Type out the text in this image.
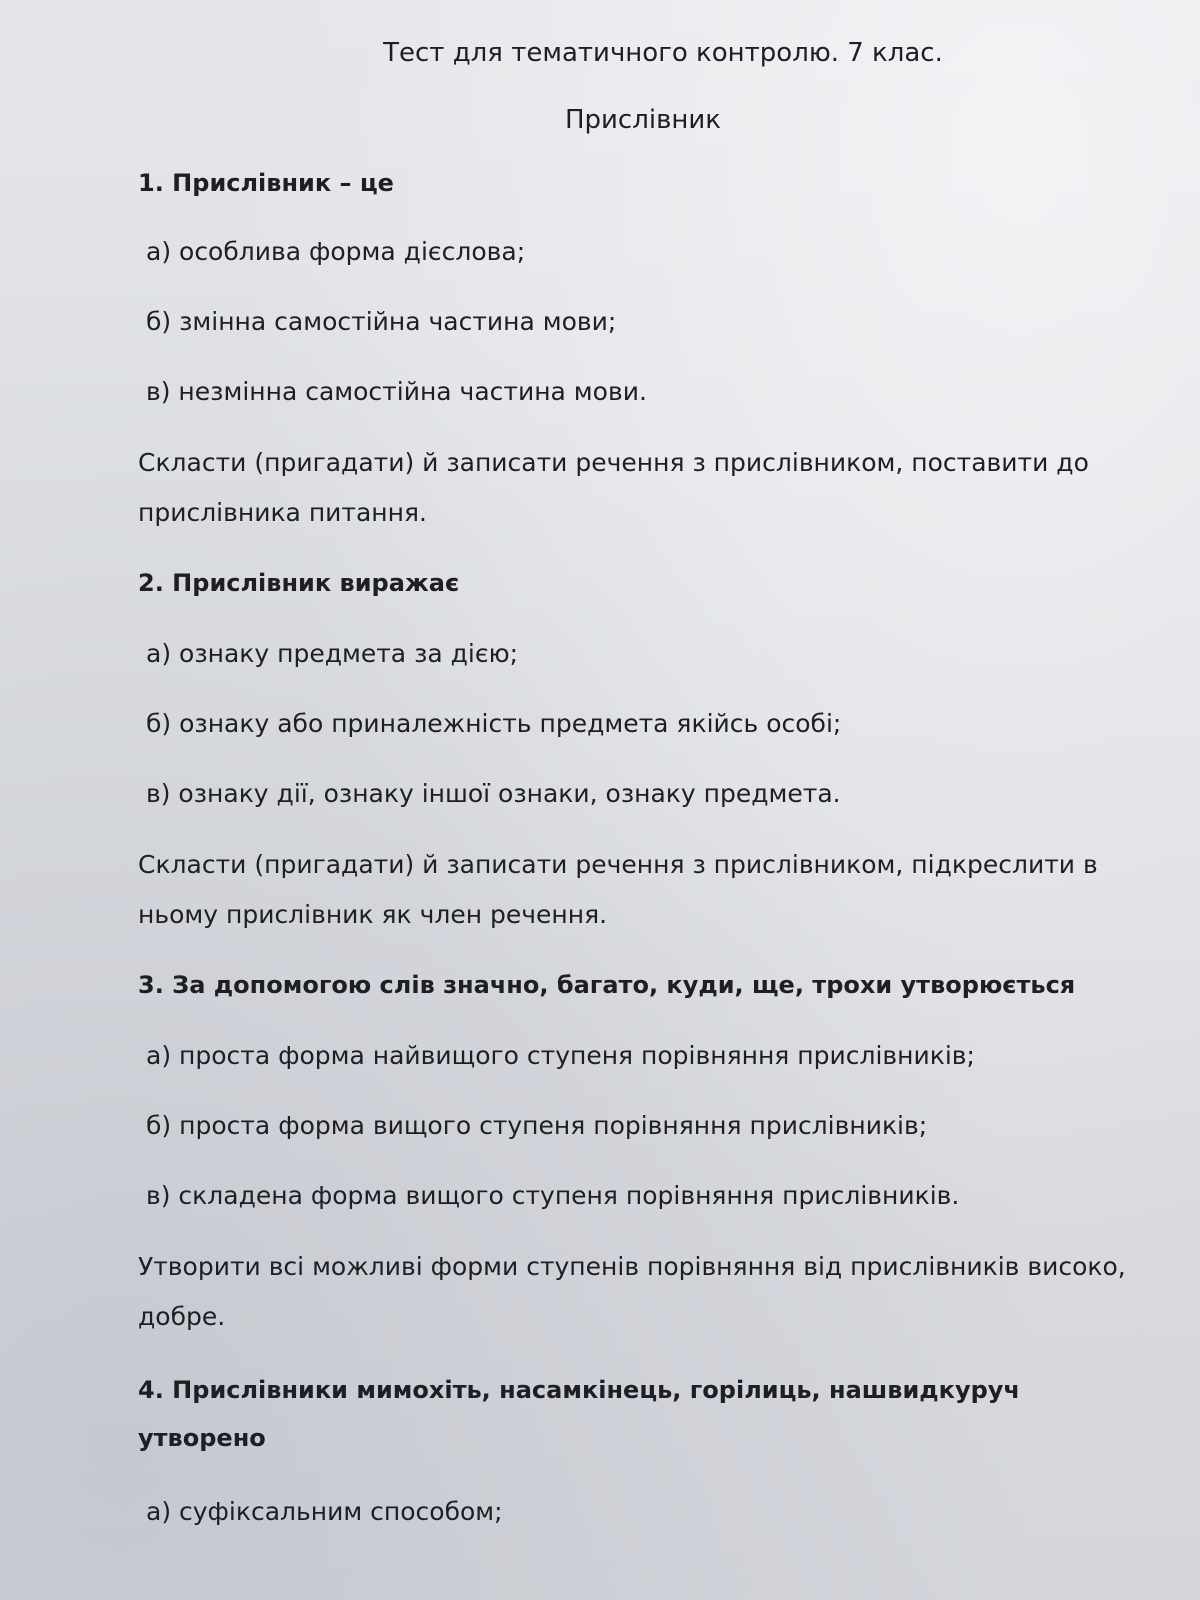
Тест для тематичного контролю. 7 клас.

Прислівник

1. Прислівник – це

а) особлива форма дієслова;

б) змінна самостійна частина мови;

в) незмінна самостійна частина мови.

Скласти (пригадати) й записати речення з прислівником, поставити до прислівника питання.

2. Прислівник виражає

а) ознаку предмета за дією;

б) ознаку або приналежність предмета якійсь особі;

в) ознаку дії, ознаку іншої ознаки, ознаку предмета.

Скласти (пригадати) й записати речення з прислівником, підкреслити в ньому прислівник як член речення.

3. За допомогою слів значно, багато, куди, ще, трохи утворюється

а) проста форма найвищого ступеня порівняння прислівників;

б) проста форма вищого ступеня порівняння прислівників;

в) складена форма вищого ступеня порівняння прислівників.

Утворити всі можливі форми ступенів порівняння від прислівників високо, добре.

4. Прислівники мимохіть, насамкінець, горілиць, нашвидкуруч утворено

а) суфіксальним способом;
